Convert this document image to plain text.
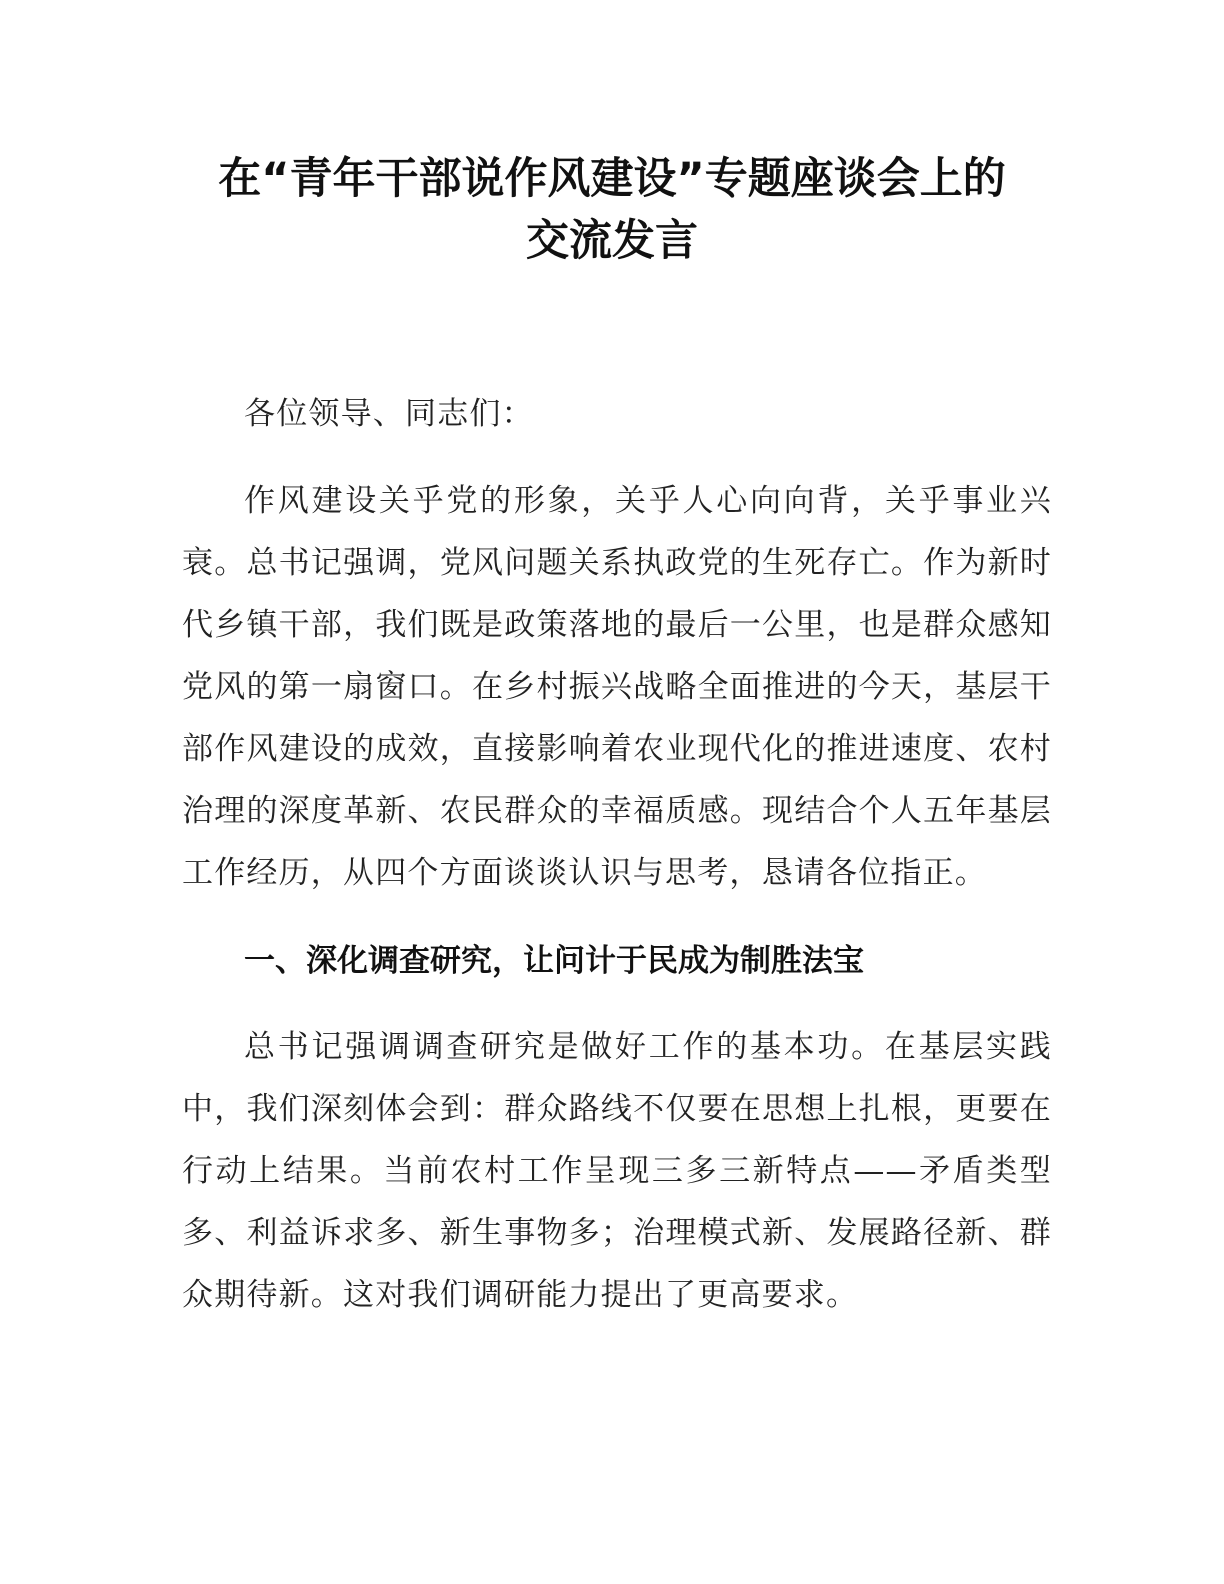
在“青年干部说作风建设”专题座谈会上的
交流发言

各位领导、同志们：

作风建设关乎党的形象，关乎人心向向背，关乎事业兴衰。总书记强调，党风问题关系执政党的生死存亡。作为新时代乡镇干部，我们既是政策落地的最后一公里，也是群众感知党风的第一扇窗口。在乡村振兴战略全面推进的今天，基层干部作风建设的成效，直接影响着农业现代化的推进速度、农村治理的深度革新、农民群众的幸福质感。现结合个人五年基层工作经历，从四个方面谈谈认识与思考，恳请各位指正。

一、深化调查研究，让问计于民成为制胜法宝

总书记强调调查研究是做好工作的基本功。在基层实践中，我们深刻体会到：群众路线不仅要在思想上扎根，更要在行动上结果。当前农村工作呈现三多三新特点——矛盾类型多、利益诉求多、新生事物多；治理模式新、发展路径新、群众期待新。这对我们调研能力提出了更高要求。
